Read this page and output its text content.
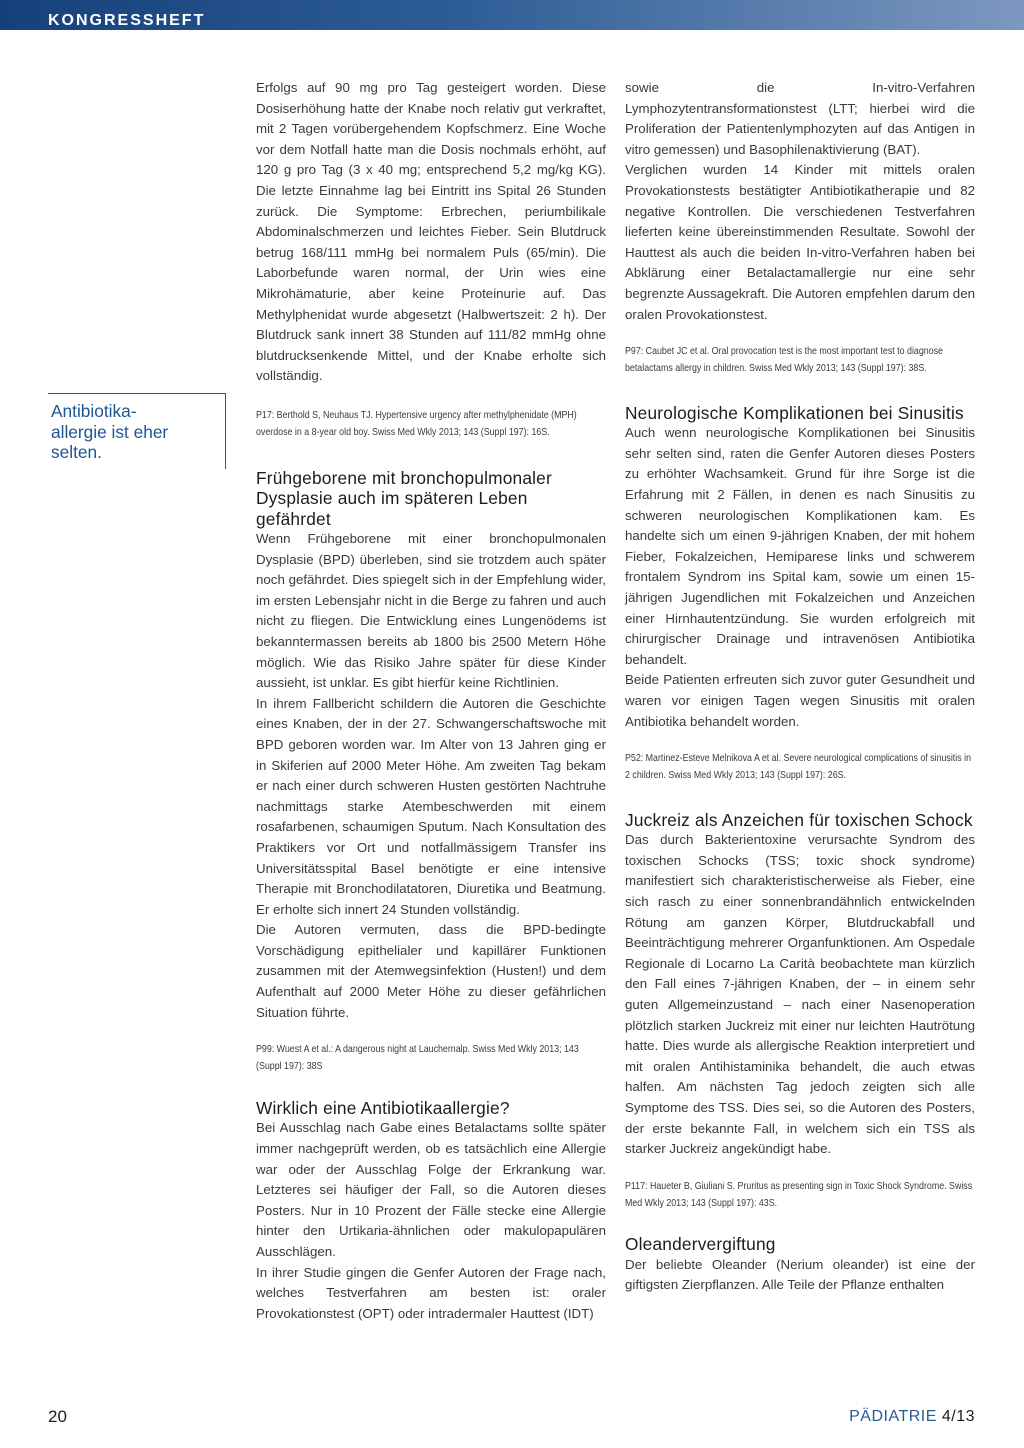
KONGRESSHEFT
Antibiotika-
allergie ist eher
selten.

Erfolgs auf 90 mg pro Tag gesteigert worden. Diese Dosiserhöhung hatte der Knabe noch relativ gut verkraftet, mit 2 Tagen vorübergehendem Kopfschmerz. Eine Woche vor dem Notfall hatte man die Dosis nochmals erhöht, auf 120 g pro Tag (3 x 40 mg; entsprechend 5,2 mg/kg KG). Die letzte Einnahme lag bei Eintritt ins Spital 26 Stunden zurück. Die Symptome: Erbrechen, periumbilikale Abdominalschmerzen und leichtes Fieber. Sein Blutdruck betrug 168/111 mmHg bei normalem Puls (65/min). Die Laborbefunde waren normal, der Urin wies eine Mikrohämaturie, aber keine Proteinurie auf. Das Methylphenidat wurde abgesetzt (Halbwertszeit: 2 h). Der Blutdruck sank innert 38 Stunden auf 111/82 mmHg ohne blutdrucksenkende Mittel, und der Knabe erholte sich vollständig.

P17: Berthold S, Neuhaus TJ. Hypertensive urgency after methylphenidate (MPH) overdose in a 8-year old boy. Swiss Med Wkly 2013; 143 (Suppl 197): 16S.

Frühgeborene mit bronchopulmonaler Dysplasie auch im späteren Leben gefährdet

Wenn Frühgeborene mit einer bronchopulmonalen Dysplasie (BPD) überleben, sind sie trotzdem auch später noch gefährdet. Dies spiegelt sich in der Empfehlung wider, im ersten Lebensjahr nicht in die Berge zu fahren und auch nicht zu fliegen. Die Entwicklung eines Lungenödems ist bekanntermassen bereits ab 1800 bis 2500 Metern Höhe möglich. Wie das Risiko Jahre später für diese Kinder aussieht, ist unklar. Es gibt hierfür keine Richtlinien.

In ihrem Fallbericht schildern die Autoren die Geschichte eines Knaben, der in der 27. Schwangerschaftswoche mit BPD geboren worden war. Im Alter von 13 Jahren ging er in Skiferien auf 2000 Meter Höhe. Am zweiten Tag bekam er nach einer durch schweren Husten gestörten Nachtruhe nachmittags starke Atembeschwerden mit einem rosafarbenen, schaumigen Sputum. Nach Konsultation des Praktikers vor Ort und notfallmässigem Transfer ins Universitätsspital Basel benötigte er eine intensive Therapie mit Bronchodilatatoren, Diuretika und Beatmung. Er erholte sich innert 24 Stunden vollständig.

Die Autoren vermuten, dass die BPD-bedingte Vorschädigung epithelialer und kapillärer Funktionen zusammen mit der Atemwegsinfektion (Husten!) und dem Aufenthalt auf 2000 Meter Höhe zu dieser gefährlichen Situation führte.

P99: Wuest A et al.: A dangerous night at Lauchernalp. Swiss Med Wkly 2013; 143 (Suppl 197): 38S

Wirklich eine Antibiotikaallergie?

Bei Ausschlag nach Gabe eines Betalactams sollte später immer nachgeprüft werden, ob es tatsächlich eine Allergie war oder der Ausschlag Folge der Erkrankung war. Letzteres sei häufiger der Fall, so die Autoren dieses Posters. Nur in 10 Prozent der Fälle stecke eine Allergie hinter den Urtikaria-ähnlichen oder makulopapulären Ausschlägen.

In ihrer Studie gingen die Genfer Autoren der Frage nach, welches Testverfahren am besten ist: oraler Provokationstest (OPT) oder intradermaler Hauttest (IDT)

sowie die In-vitro-Verfahren Lymphozytentransformationstest (LTT; hierbei wird die Proliferation der Patientenlymphozyten auf das Antigen in vitro gemessen) und Basophilenaktivierung (BAT).

Verglichen wurden 14 Kinder mit mittels oralen Provokationstests bestätigter Antibiotikatherapie und 82 negative Kontrollen. Die verschiedenen Testverfahren lieferten keine übereinstimmenden Resultate. Sowohl der Hauttest als auch die beiden In-vitro-Verfahren haben bei Abklärung einer Betalactamallergie nur eine sehr begrenzte Aussagekraft. Die Autoren empfehlen darum den oralen Provokationstest.

P97: Caubet JC et al. Oral provocation test is the most important test to diagnose betalactams allergy in children. Swiss Med Wkly 2013; 143 (Suppl 197): 38S.

Neurologische Komplikationen bei Sinusitis

Auch wenn neurologische Komplikationen bei Sinusitis sehr selten sind, raten die Genfer Autoren dieses Posters zu erhöhter Wachsamkeit. Grund für ihre Sorge ist die Erfahrung mit 2 Fällen, in denen es nach Sinusitis zu schweren neurologischen Komplikationen kam. Es handelte sich um einen 9-jährigen Knaben, der mit hohem Fieber, Fokalzeichen, Hemiparese links und schwerem frontalem Syndrom ins Spital kam, sowie um einen 15-jährigen Jugendlichen mit Fokalzeichen und Anzeichen einer Hirnhautentzündung. Sie wurden erfolgreich mit chirurgischer Drainage und intravenösen Antibiotika behandelt.

Beide Patienten erfreuten sich zuvor guter Gesundheit und waren vor einigen Tagen wegen Sinusitis mit oralen Antibiotika behandelt worden.

P52: Martinez-Esteve Melnikova A et al. Severe neurological complications of sinusitis in 2 children. Swiss Med Wkly 2013; 143 (Suppl 197): 26S.

Juckreiz als Anzeichen für toxischen Schock

Das durch Bakterientoxine verursachte Syndrom des toxischen Schocks (TSS; toxic shock syndrome) manifestiert sich charakteristischerweise als Fieber, eine sich rasch zu einer sonnenbrandähnlich entwickelnden Rötung am ganzen Körper, Blutdruckabfall und Beeinträchtigung mehrerer Organfunktionen. Am Ospedale Regionale di Locarno La Carità beobachtete man kürzlich den Fall eines 7-jährigen Knaben, der – in einem sehr guten Allgemeinzustand – nach einer Nasenoperation plötzlich starken Juckreiz mit einer nur leichten Hautrötung hatte. Dies wurde als allergische Reaktion interpretiert und mit oralen Antihistaminika behandelt, die auch etwas halfen. Am nächsten Tag jedoch zeigten sich alle Symptome des TSS. Dies sei, so die Autoren des Posters, der erste bekannte Fall, in welchem sich ein TSS als starker Juckreiz angekündigt habe.

P117: Haueter B, Giuliani S. Pruritus as presenting sign in Toxic Shock Syndrome. Swiss Med Wkly 2013; 143 (Suppl 197): 43S.

Oleandervergiftung

Der beliebte Oleander (Nerium oleander) ist eine der giftigsten Zierpflanzen. Alle Teile der Pflanze enthalten

20	PÄDIATRIE 4/13
